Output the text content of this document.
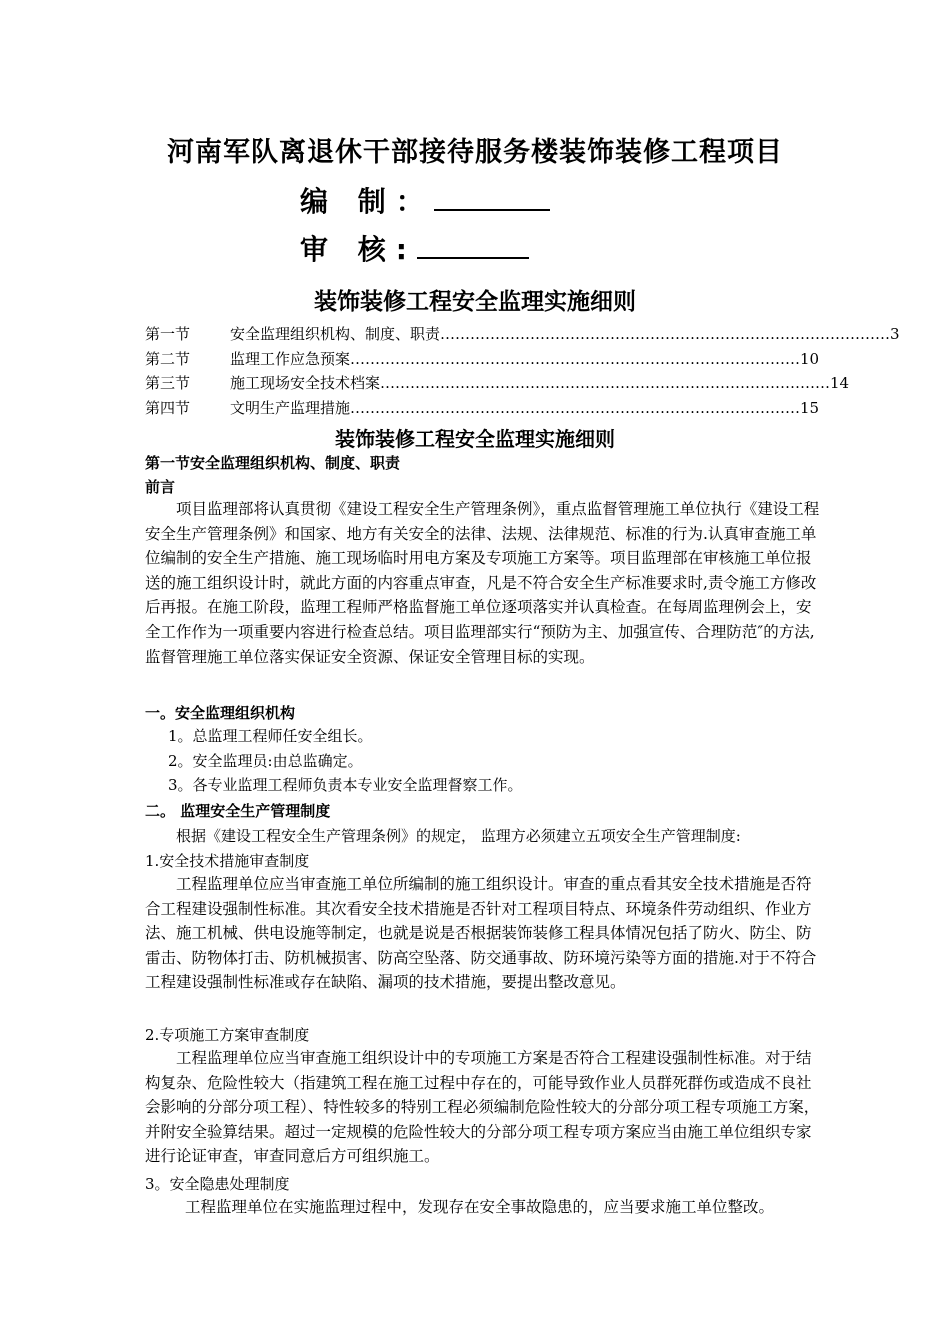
河南军队离退休干部接待服务楼装饰装修工程项目
编 制：
审 核:
装饰装修工程安全监理实施细则
第一节	安全监理组织机构、制度、职责 ……………………………………………………………………………… 3
第二节	监理工作应急预案 ……………………………………………………………………………… 10
第三节	施工现场安全技术档案 ……………………………………………………………………………… 14
第四节	文明生产监理措施 ……………………………………………………………………………… 15
装饰装修工程安全监理实施细则
第一节安全监理组织机构、制度、职责
前言
项目监理部将认真贯彻《建设工程安全生产管理条例》，重点监督管理施工单位执行《建设工程安全生产管理条例》和国家、地方有关安全的法律、法规、法律规范、标准的行为.认真审查施工单位编制的安全生产措施、施工现场临时用电方案及专项施工方案等。项目监理部在审核施工单位报送的施工组织设计时，就此方面的内容重点审查，凡是不符合安全生产标准要求时,责令施工方修改后再报。在施工阶段，监理工程师严格监督施工单位逐项落实并认真检查。在每周监理例会上，安全工作作为一项重要内容进行检查总结。项目监理部实行“预防为主、加强宣传、合理防范″的方法,监督管理施工单位落实保证安全资源、保证安全管理目标的实现。
一。安全监理组织机构
1。总监理工程师任安全组长。
2。安全监理员:由总监确定。
3。各专业监理工程师负责本专业安全监理督察工作。
二。 监理安全生产管理制度
根据《建设工程安全生产管理条例》的规定， 监理方必须建立五项安全生产管理制度:
1.安全技术措施审查制度
工程监理单位应当审查施工单位所编制的施工组织设计。审查的重点看其安全技术措施是否符合工程建设强制性标准。其次看安全技术措施是否针对工程项目特点、环境条件劳动组织、作业方法、施工机械、供电设施等制定，也就是说是否根据装饰装修工程具体情况包括了防火、防尘、防雷击、防物体打击、防机械损害、防高空坠落、防交通事故、防环境污染等方面的措施.对于不符合工程建设强制性标准或存在缺陷、漏项的技术措施，要提出整改意见。
2.专项施工方案审查制度
工程监理单位应当审查施工组织设计中的专项施工方案是否符合工程建设强制性标准。对于结构复杂、危险性较大（指建筑工程在施工过程中存在的，可能导致作业人员群死群伤或造成不良社会影响的分部分项工程）、特性较多的特别工程必须编制危险性较大的分部分项工程专项施工方案，并附安全验算结果。超过一定规模的危险性较大的分部分项工程专项方案应当由施工单位组织专家进行论证审查，审查同意后方可组织施工。
3。安全隐患处理制度
工程监理单位在实施监理过程中，发现存在安全事故隐患的，应当要求施工单位整改。
